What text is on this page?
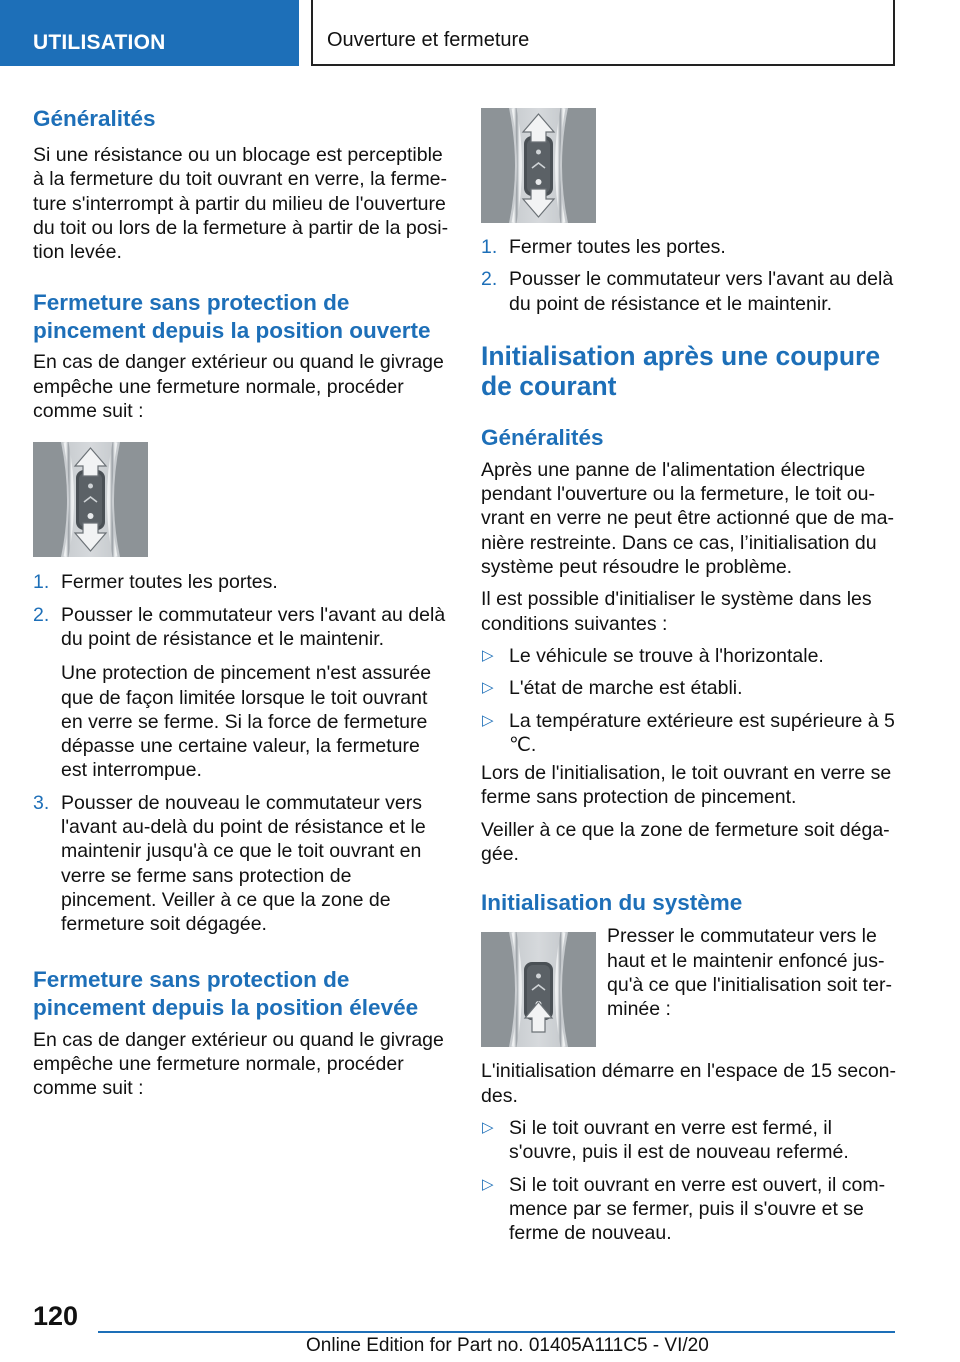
UTILISATION	Ouverture et fermeture
Généralités

Si une résistance ou un blocage est perceptible à la fermeture du toit ouvrant en verre, la fermeture s'interrompt à partir du milieu de l'ouverture du toit ou lors de la fermeture à partir de la position levée.

Fermeture sans protection de pincement depuis la position ouverte

En cas de danger extérieur ou quand le givrage empêche une fermeture normale, procéder comme suit :

1. Fermer toutes les portes.
2. Pousser le commutateur vers l'avant au delà du point de résistance et le maintenir.
Une protection de pincement n'est assurée que de façon limitée lorsque le toit ouvrant en verre se ferme. Si la force de fermeture dépasse une certaine valeur, la fermeture est interrompue.
3. Pousser de nouveau le commutateur vers l'avant au-delà du point de résistance et le maintenir jusqu'à ce que le toit ouvrant en verre se ferme sans protection de pincement. Veiller à ce que la zone de fermeture soit dégagée.
Fermeture sans protection de pincement depuis la position élevée

En cas de danger extérieur ou quand le givrage empêche une fermeture normale, procéder comme suit :

1. Fermer toutes les portes.
2. Pousser le commutateur vers l'avant au delà du point de résistance et le maintenir.
Initialisation après une coupure de courant
Généralités

Après une panne de l'alimentation électrique pendant l'ouverture ou la fermeture, le toit ouvrant en verre ne peut être actionné que de manière restreinte. Dans ce cas, l’initialisation du système peut résoudre le problème.

Il est possible d'initialiser le système dans les conditions suivantes :

▷ Le véhicule se trouve à l'horizontale.
▷ L'état de marche est établi.
▷ La température extérieure est supérieure à 5 ℃.

Lors de l'initialisation, le toit ouvrant en verre se ferme sans protection de pincement.

Veiller à ce que la zone de fermeture soit dégagée.

Initialisation du système

Presser le commutateur vers le haut et le maintenir enfoncé jusqu'à ce que l'initialisation soit terminée :

L'initialisation démarre en l'espace de 15 secondes.

▷ Si le toit ouvrant en verre est fermé, il s'ouvre, puis il est de nouveau refermé.
▷ Si le toit ouvrant en verre est ouvert, il commence par se fermer, puis il s'ouvre et se ferme de nouveau.
120
Online Edition for Part no. 01405A111C5 - VI/20
